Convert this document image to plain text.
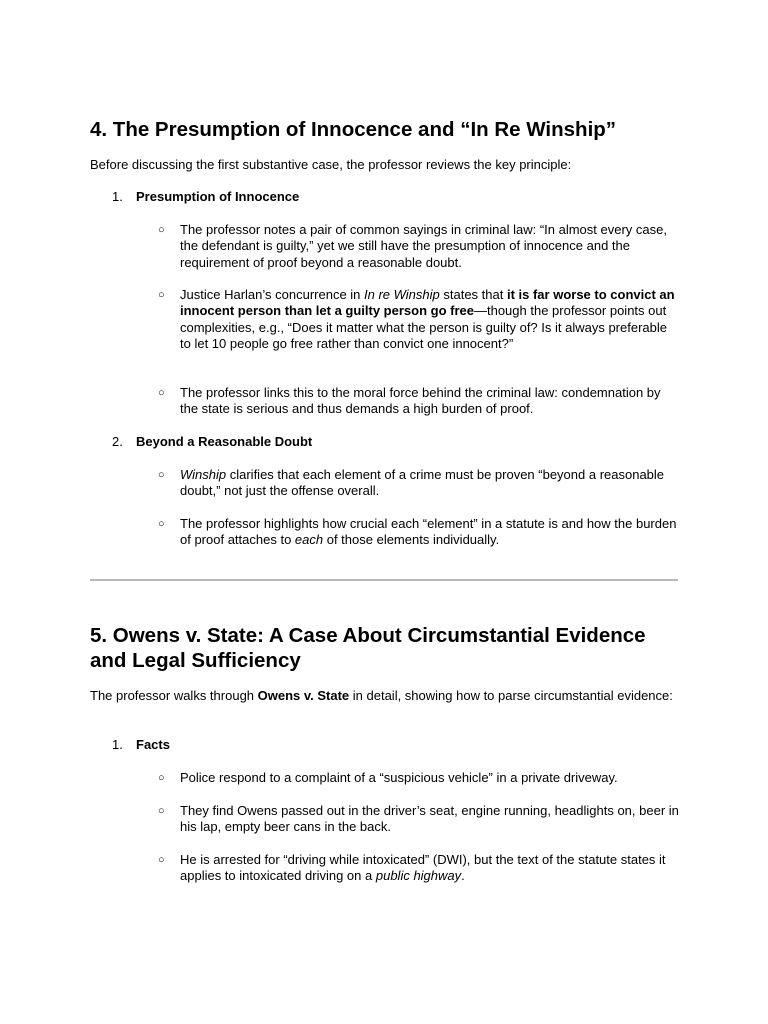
4. The Presumption of Innocence and “In Re Winship”
Before discussing the first substantive case, the professor reviews the key principle:
1. Presumption of Innocence
○ The professor notes a pair of common sayings in criminal law: “In almost every case, the defendant is guilty,” yet we still have the presumption of innocence and the requirement of proof beyond a reasonable doubt.
○ Justice Harlan’s concurrence in In re Winship states that it is far worse to convict an innocent person than let a guilty person go free—though the professor points out complexities, e.g., “Does it matter what the person is guilty of? Is it always preferable to let 10 people go free rather than convict one innocent?”
○ The professor links this to the moral force behind the criminal law: condemnation by the state is serious and thus demands a high burden of proof.
2. Beyond a Reasonable Doubt
○ Winship clarifies that each element of a crime must be proven “beyond a reasonable doubt,” not just the offense overall.
○ The professor highlights how crucial each “element” in a statute is and how the burden of proof attaches to each of those elements individually.
5. Owens v. State: A Case About Circumstantial Evidence and Legal Sufficiency
The professor walks through Owens v. State in detail, showing how to parse circumstantial evidence:
1. Facts
○ Police respond to a complaint of a “suspicious vehicle” in a private driveway.
○ They find Owens passed out in the driver’s seat, engine running, headlights on, beer in his lap, empty beer cans in the back.
○ He is arrested for “driving while intoxicated” (DWI), but the text of the statute states it applies to intoxicated driving on a public highway.
